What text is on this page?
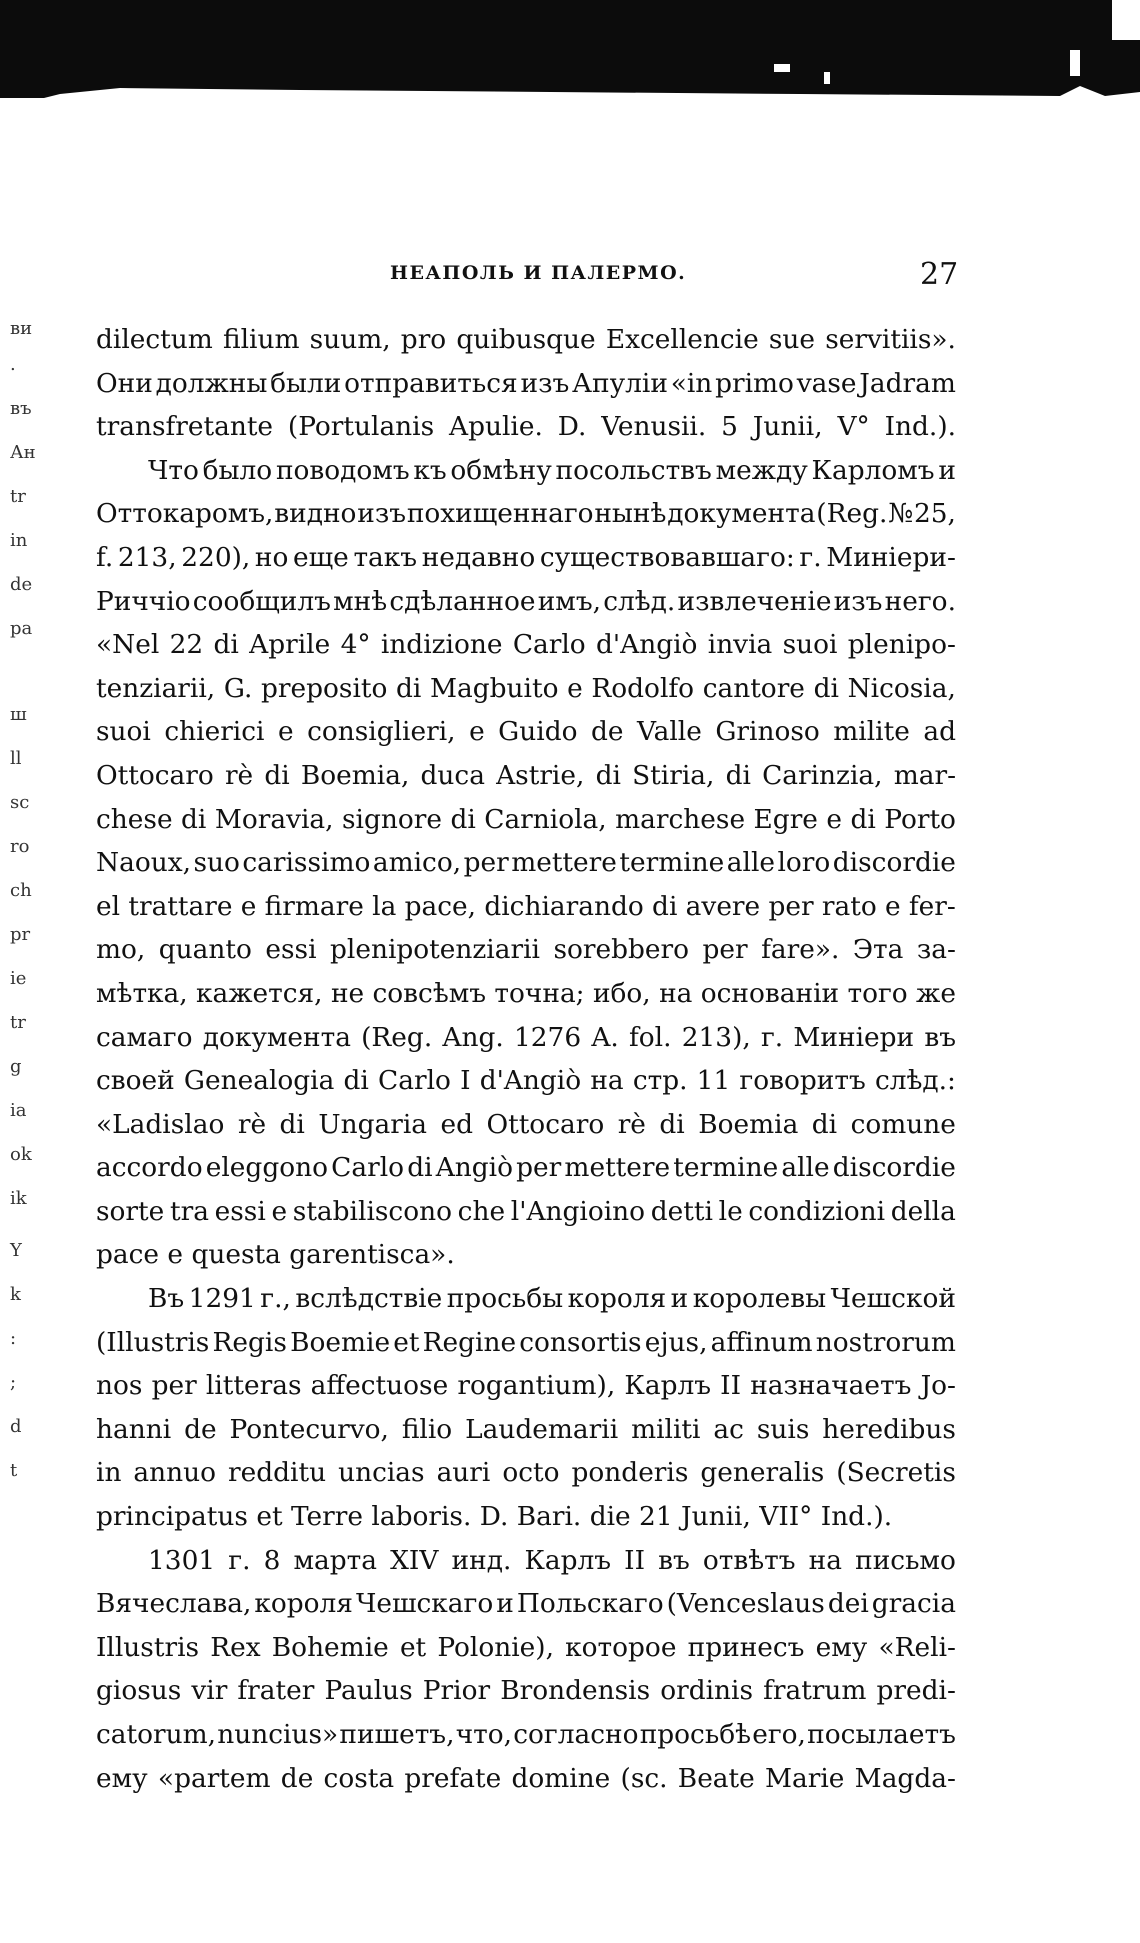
НЕАПОЛЬ И ПАЛЕРМО.	27
ви
.
въ
Ан
tr
in
de
pa
ш
ll
sc
ro
ch
pr
ie
tr
g
ia
ok
ik
Y
k
:
;
d
t
dilectum filium suum, pro quibusque Excellencie sue servitiis».
Они должны были отправиться изъ Апуліи «in primo vase Jadram
transfretante (Portulanis Apulie. D. Venusii. 5 Junii, V° Ind.).
Что было поводомъ къ обмѣну посольствъ между Карломъ и
Оттокаромъ, видно изъ похищеннаго нынѣ документа (Reg. № 25,
f. 213, 220), но еще такъ недавно существовавшаго: г. Миніери-
Риччіо сообщилъ мнѣ сдѣланное имъ, слѣд. извлеченіе изъ него.
«Nel 22 di Aprile 4° indizione Carlo d'Angiò invia suoi plenipo-
tenziarii, G. preposito di Magbuito e Rodolfo cantore di Nicosia,
suoi chierici e consiglieri, e Guido de Valle Grinoso milite ad
Ottocaro rè di Boemia, duca Astrie, di Stiria, di Carinzia, mar-
chese di Moravia, signore di Carniola, marchese Egre e di Porto
Naoux, suo carissimo amico, per mettere termine alle loro discordie
el trattare e firmare la pace, dichiarando di avere per rato e fer-
mo, quanto essi plenipotenziarii sorebbero per fare». Эта за-
мѣтка, кажется, не совсѣмъ точна; ибо, на основаніи того же
самаго документа (Reg. Ang. 1276 A. fol. 213), г. Миніери въ
своей Genealogia di Carlo I d'Angiò на стр. 11 говоритъ слѣд.:
«Ladislao rè di Ungaria ed Ottocaro rè di Boemia di comune
accordo eleggono Carlo di Angiò per mettere termine alle discordie
sorte tra essi e stabiliscono che l'Angioino detti le condizioni della
pace e questa garentisca».
Въ 1291 г., вслѣдствіе просьбы короля и королевы Чешской
(Illustris Regis Boemie et Regine consortis ejus, affinum nostrorum
nos per litteras affectuose rogantium), Карлъ II назначаетъ Jo-
hanni de Pontecurvo, filio Laudemarii militi ac suis heredibus
in annuo redditu uncias auri octo ponderis generalis (Secretis
principatus et Terre laboris. D. Bari. die 21 Junii, VII° Ind.).
1301 г. 8 марта XIV инд. Карлъ II въ отвѣтъ на письмо
Вячеслава, короля Чешскаго и Польскаго (Venceslaus dei gracia
Illustris Rex Bohemie et Polonie), которое принесъ ему «Reli-
giosus vir frater Paulus Prior Brondensis ordinis fratrum predi-
catorum, nuncius» пишетъ, что, согласно просьбѣ его, посылаетъ
ему «partem de costa prefate domine (sc. Beate Marie Magda-
